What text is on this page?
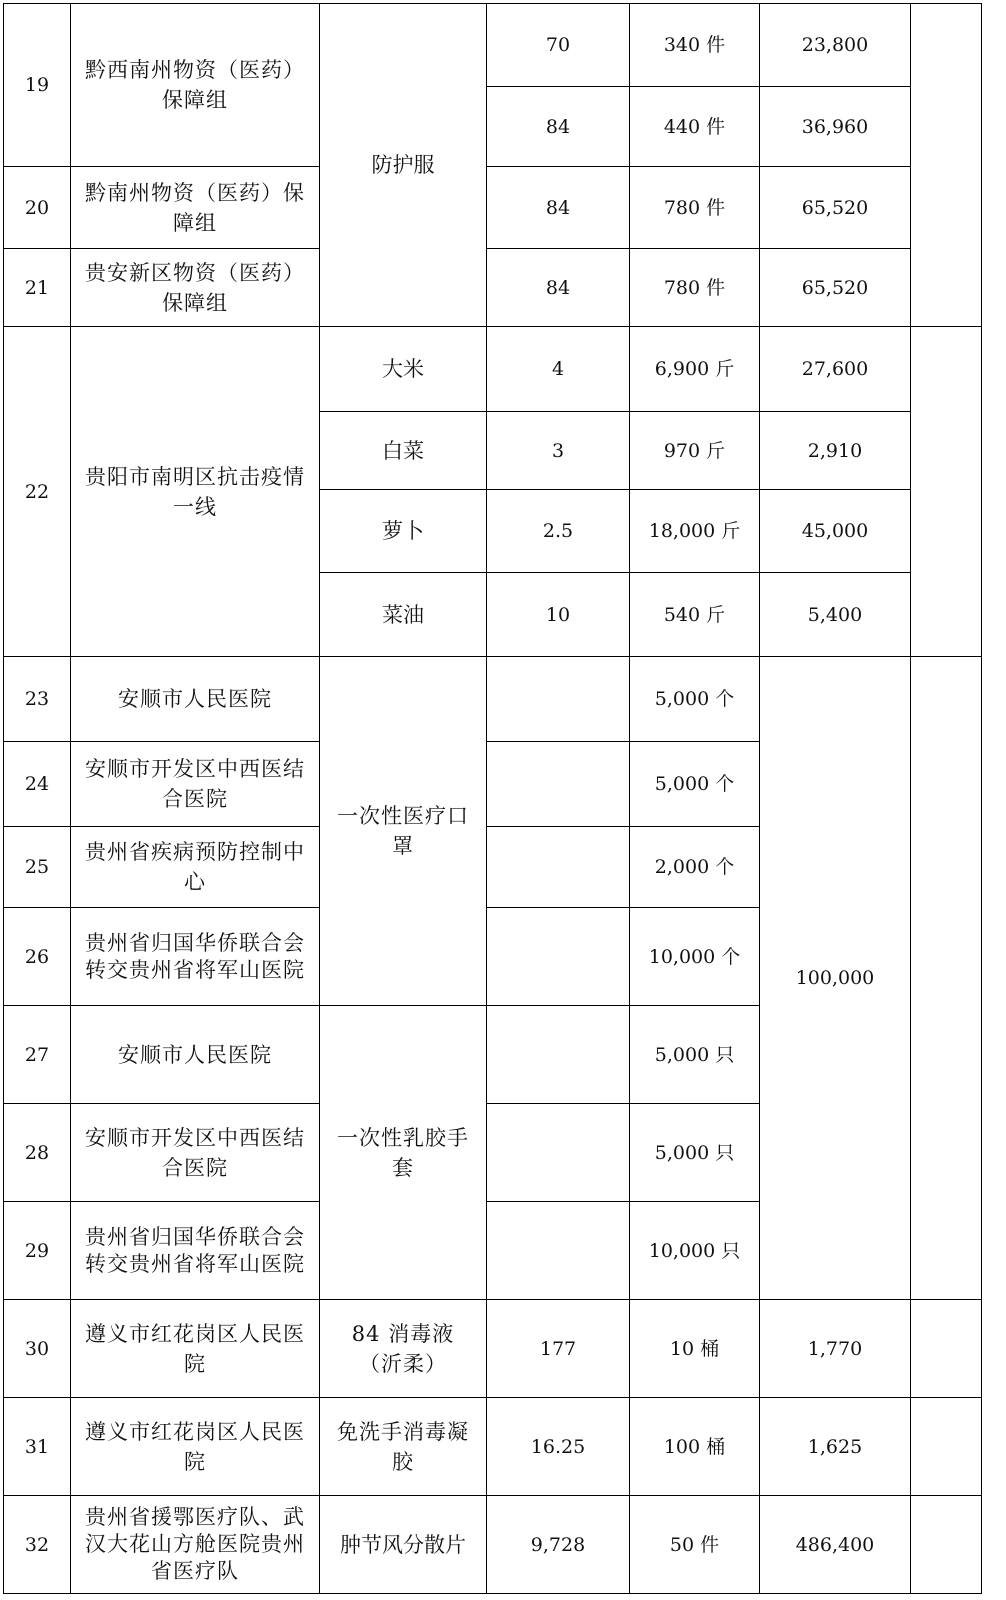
19	黔西南州物资（医药）保障组	防护服	70	340 件	23,800	
			84	440 件	36,960	
20	黔南州物资（医药）保障组		84	780 件	65,520	
21	贵安新区物资（医药）保障组		84	780 件	65,520	
22	贵阳市南明区抗击疫情一线	大米	4	6,900 斤	27,600	
		白菜	3	970 斤	2,910	
		萝卜	2.5	18,000 斤	45,000	
		菜油	10	540 斤	5,400	
23	安顺市人民医院	一次性医疗口罩		5,000 个	100,000	
24	安顺市开发区中西医结合医院			5,000 个		
25	贵州省疾病预防控制中心			2,000 个		
26	贵州省归国华侨联合会转交贵州省将军山医院			10,000 个		
27	安顺市人民医院	一次性乳胶手套		5,000 只		
28	安顺市开发区中西医结合医院			5,000 只		
29	贵州省归国华侨联合会转交贵州省将军山医院			10,000 只		
30	遵义市红花岗区人民医院	84 消毒液（沂柔）	177	10 桶	1,770	
31	遵义市红花岗区人民医院	免洗手消毒凝胶	16.25	100 桶	1,625	
32	贵州省援鄂医疗队、武汉大花山方舱医院贵州省医疗队	肿节风分散片	9,728	50 件	486,400	
